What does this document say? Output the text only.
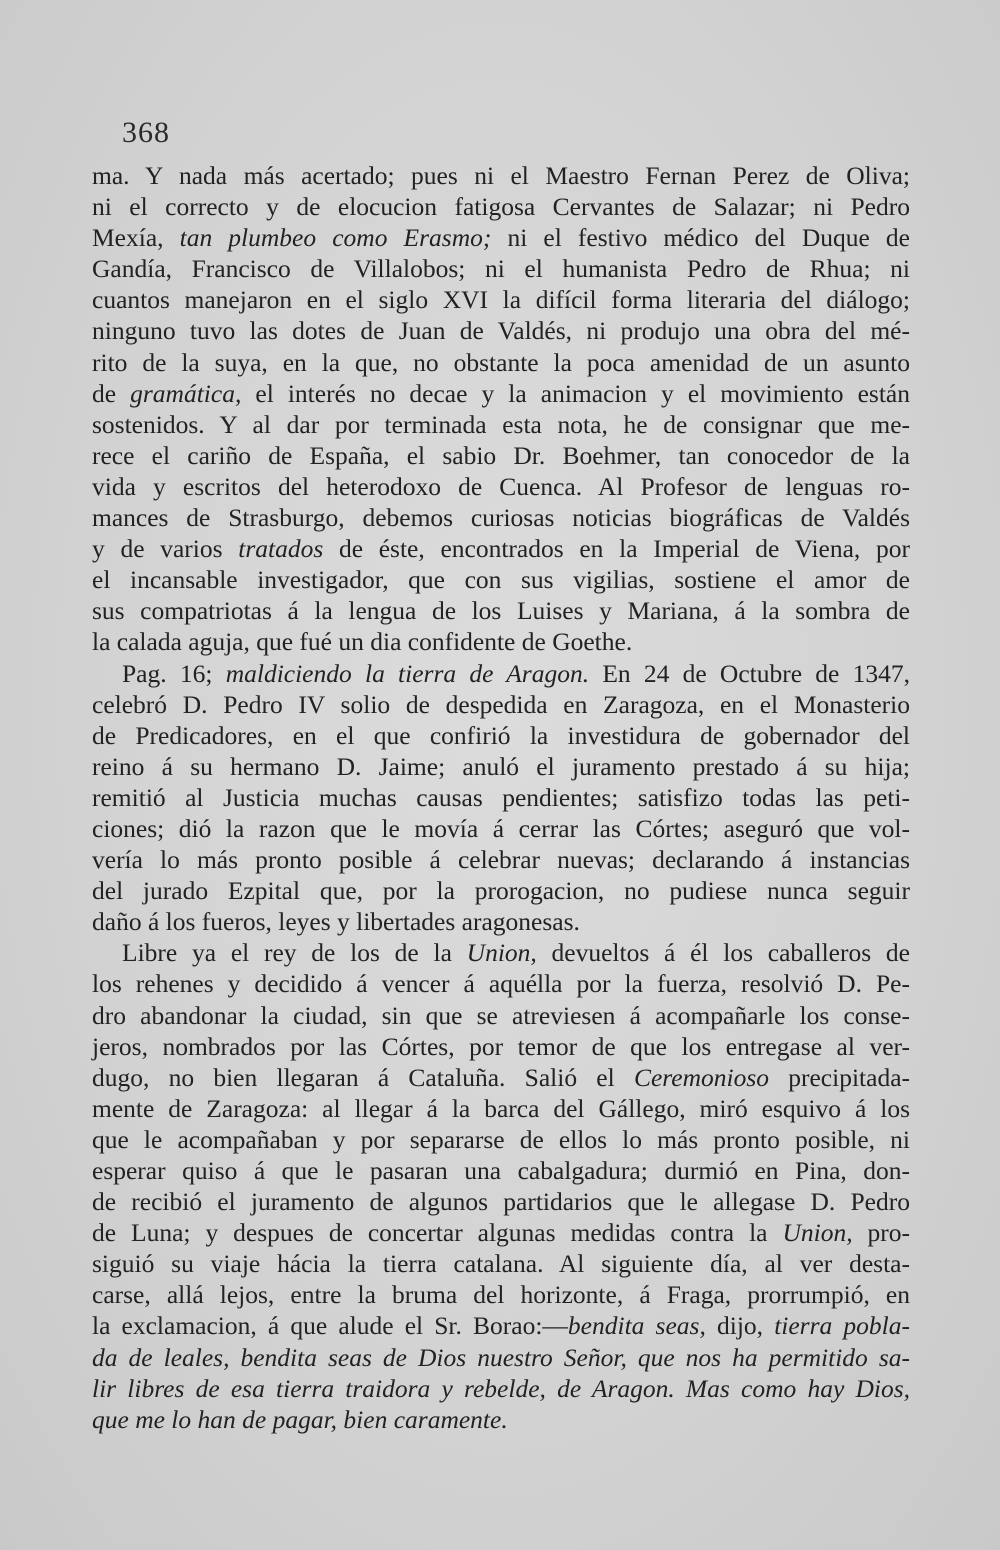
368
ma. Y nada más acertado; pues ni el Maestro Fernan Perez de Oliva;
ni el correcto y de elocucion fatigosa Cervantes de Salazar; ni Pedro
Mexía, tan plumbeo como Erasmo; ni el festivo médico del Duque de
Gandía, Francisco de Villalobos; ni el humanista Pedro de Rhua; ni
cuantos manejaron en el siglo XVI la difícil forma literaria del diálogo;
ninguno tuvo las dotes de Juan de Valdés, ni produjo una obra del mé-
rito de la suya, en la que, no obstante la poca amenidad de un asunto
de gramática, el interés no decae y la animacion y el movimiento están
sostenidos. Y al dar por terminada esta nota, he de consignar que me-
rece el cariño de España, el sabio Dr. Boehmer, tan conocedor de la
vida y escritos del heterodoxo de Cuenca. Al Profesor de lenguas ro-
mances de Strasburgo, debemos curiosas noticias biográficas de Valdés
y de varios tratados de éste, encontrados en la Imperial de Viena, por
el incansable investigador, que con sus vigilias, sostiene el amor de
sus compatriotas á la lengua de los Luises y Mariana, á la sombra de
la calada aguja, que fué un dia confidente de Goethe.
Pag. 16; maldiciendo la tierra de Aragon. En 24 de Octubre de 1347,
celebró D. Pedro IV solio de despedida en Zaragoza, en el Monasterio
de Predicadores, en el que confirió la investidura de gobernador del
reino á su hermano D. Jaime; anuló el juramento prestado á su hija;
remitió al Justicia muchas causas pendientes; satisfizo todas las peti-
ciones; dió la razon que le movía á cerrar las Córtes; aseguró que vol-
vería lo más pronto posible á celebrar nuevas; declarando á instancias
del jurado Ezpital que, por la prorogacion, no pudiese nunca seguir
daño á los fueros, leyes y libertades aragonesas.
Libre ya el rey de los de la Union, devueltos á él los caballeros de
los rehenes y decidido á vencer á aquélla por la fuerza, resolvió D. Pe-
dro abandonar la ciudad, sin que se atreviesen á acompañarle los conse-
jeros, nombrados por las Córtes, por temor de que los entregase al ver-
dugo, no bien llegaran á Cataluña. Salió el Ceremonioso precipitada-
mente de Zaragoza: al llegar á la barca del Gállego, miró esquivo á los
que le acompañaban y por separarse de ellos lo más pronto posible, ni
esperar quiso á que le pasaran una cabalgadura; durmió en Pina, don-
de recibió el juramento de algunos partidarios que le allegase D. Pedro
de Luna; y despues de concertar algunas medidas contra la Union, pro-
siguió su viaje hácia la tierra catalana. Al siguiente día, al ver desta-
carse, allá lejos, entre la bruma del horizonte, á Fraga, prorrumpió, en
la exclamacion, á que alude el Sr. Borao:—bendita seas, dijo, tierra pobla-
da de leales, bendita seas de Dios nuestro Señor, que nos ha permitido sa-
lir libres de esa tierra traidora y rebelde, de Aragon. Mas como hay Dios,
que me lo han de pagar, bien caramente.
